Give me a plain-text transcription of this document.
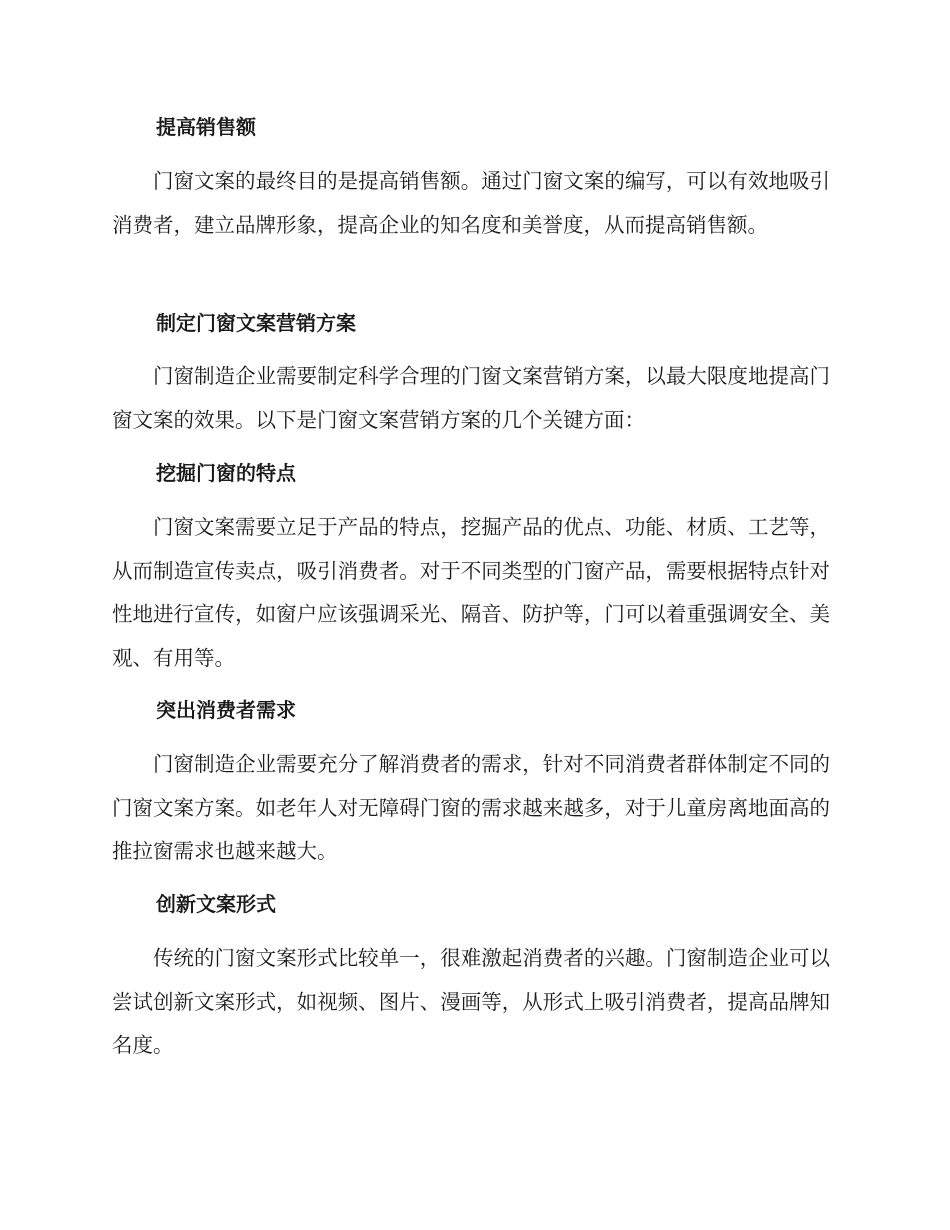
提高销售额

门窗文案的最终目的是提高销售额。通过门窗文案的编写，可以有效地吸引消费者，建立品牌形象，提高企业的知名度和美誉度，从而提高销售额。

制定门窗文案营销方案

门窗制造企业需要制定科学合理的门窗文案营销方案，以最大限度地提高门窗文案的效果。以下是门窗文案营销方案的几个关键方面：

挖掘门窗的特点

门窗文案需要立足于产品的特点，挖掘产品的优点、功能、材质、工艺等，从而制造宣传卖点，吸引消费者。对于不同类型的门窗产品，需要根据特点针对性地进行宣传，如窗户应该强调采光、隔音、防护等，门可以着重强调安全、美观、有用等。

突出消费者需求

门窗制造企业需要充分了解消费者的需求，针对不同消费者群体制定不同的门窗文案方案。如老年人对无障碍门窗的需求越来越多，对于儿童房离地面高的推拉窗需求也越来越大。

创新文案形式

传统的门窗文案形式比较单一，很难激起消费者的兴趣。门窗制造企业可以尝试创新文案形式，如视频、图片、漫画等，从形式上吸引消费者，提高品牌知名度。
